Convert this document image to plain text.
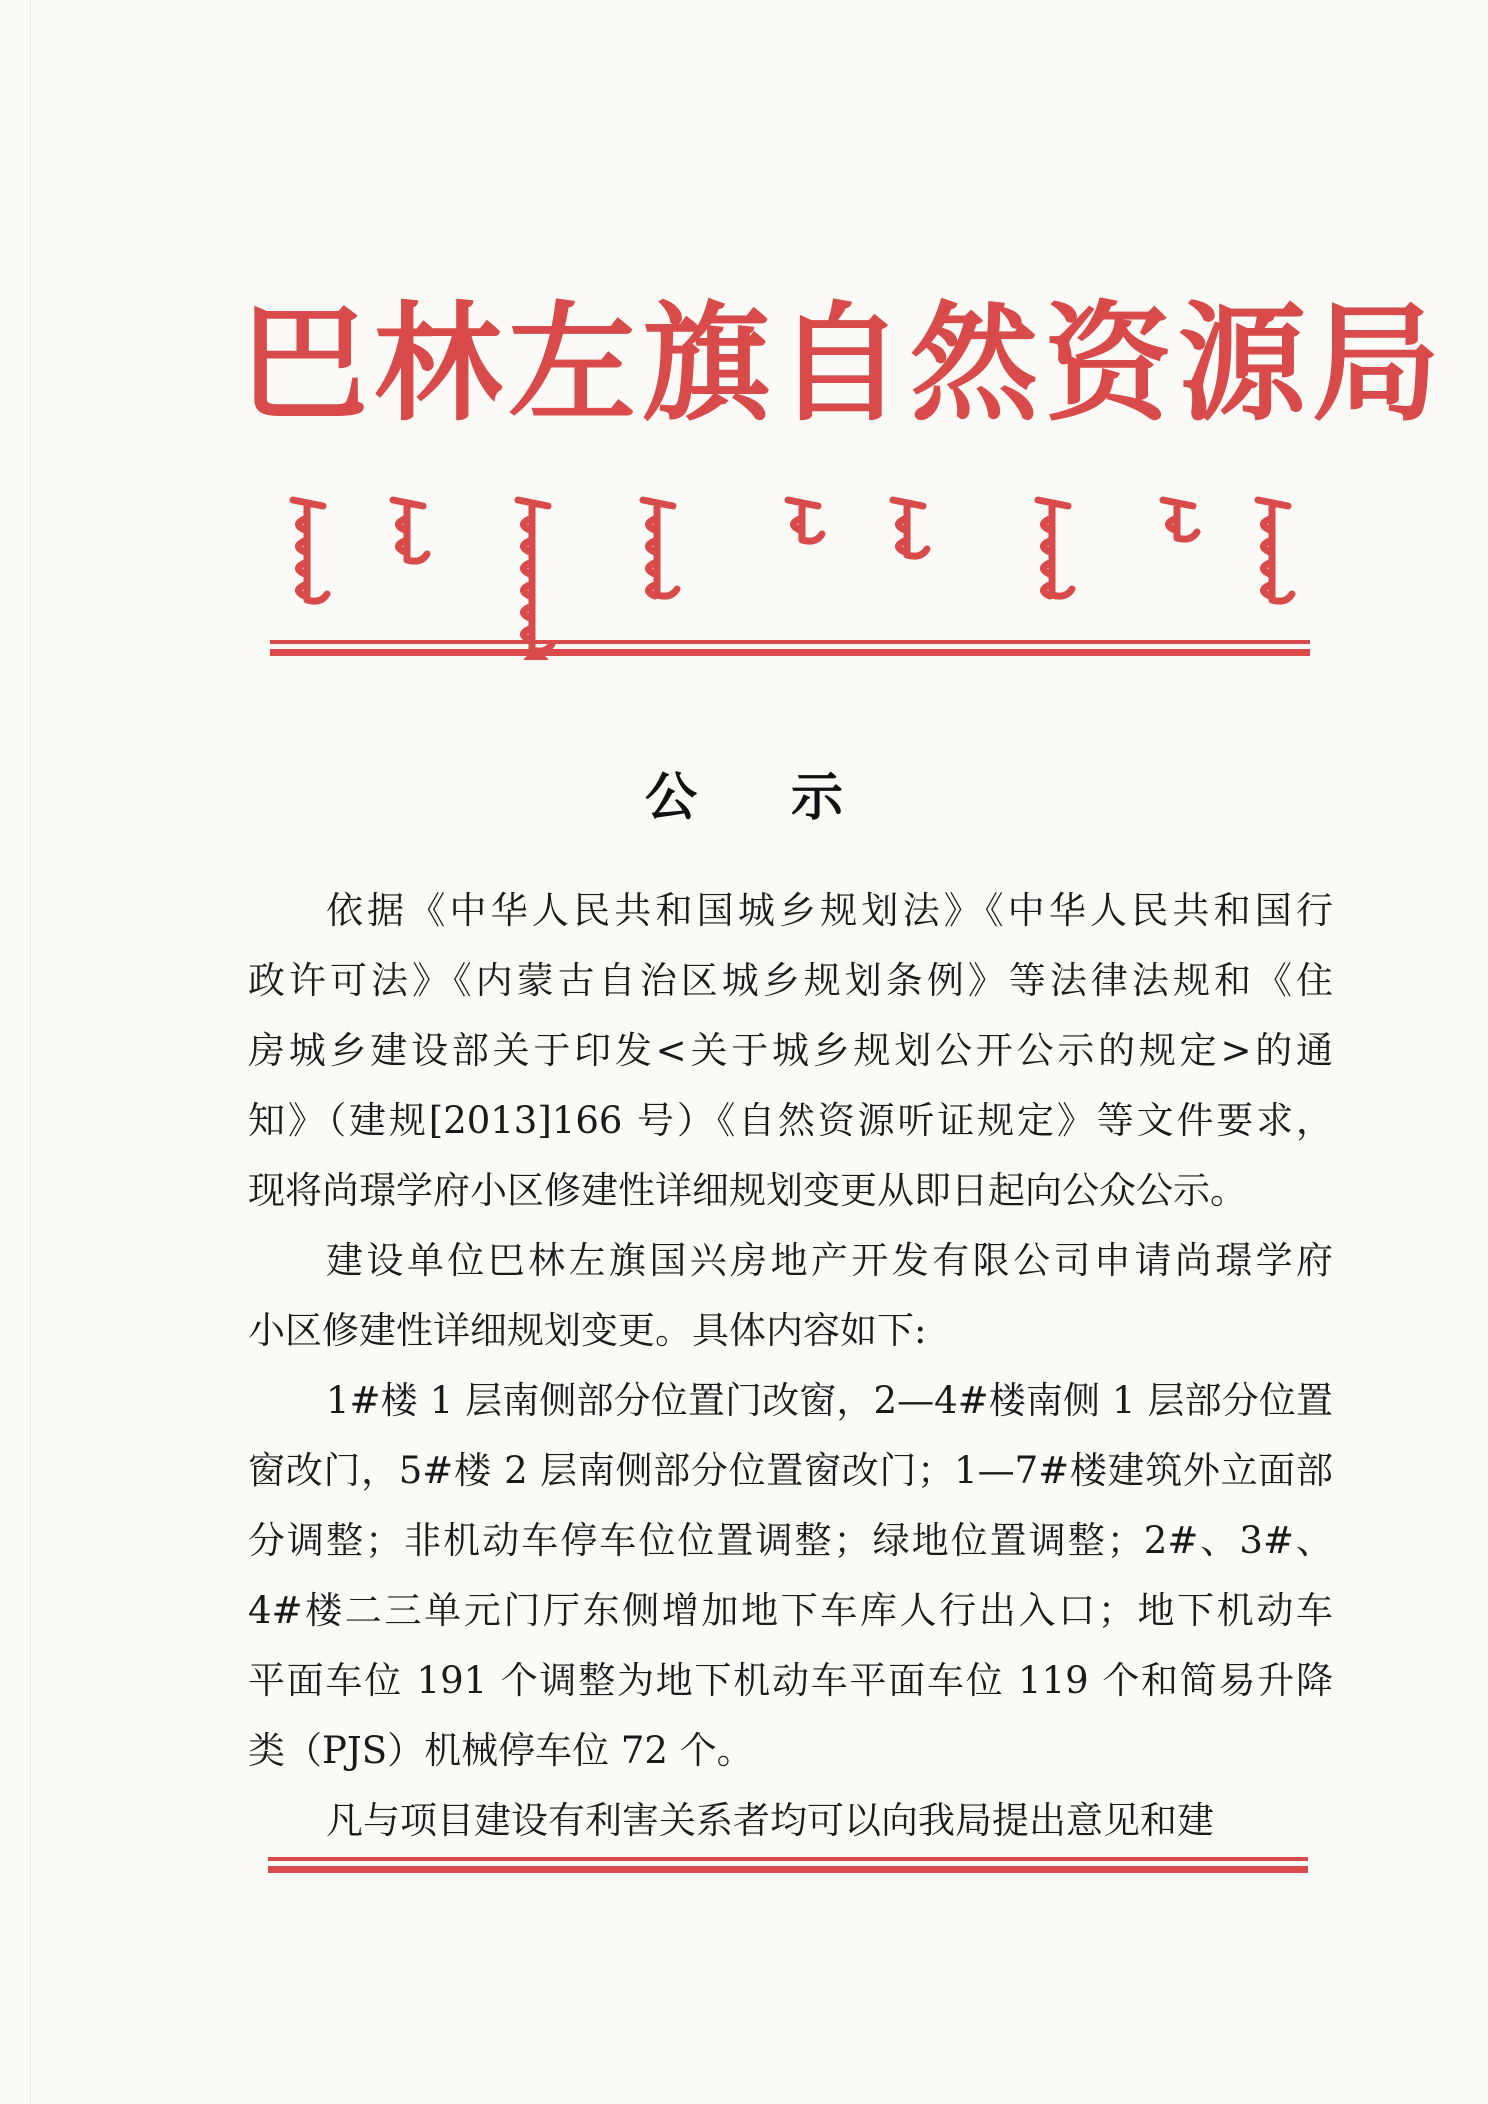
巴林左旗自然资源局
公 示
依据《中华人民共和国城乡规划法》《中华人民共和国行
政许可法》《内蒙古自治区城乡规划条例》等法律法规和《住
房城乡建设部关于印发<关于城乡规划公开公示的规定>的通
知》（建规[2013]166 号）《自然资源听证规定》等文件要求，
现将尚璟学府小区修建性详细规划变更从即日起向公众公示。
建设单位巴林左旗国兴房地产开发有限公司申请尚璟学府
小区修建性详细规划变更。具体内容如下:
1#楼 1 层南侧部分位置门改窗，2—4#楼南侧 1 层部分位置
窗改门，5#楼 2 层南侧部分位置窗改门；1—7#楼建筑外立面部
分调整；非机动车停车位位置调整；绿地位置调整；2#、3#、
4#楼二三单元门厅东侧增加地下车库人行出入口；地下机动车
平面车位 191 个调整为地下机动车平面车位 119 个和简易升降
类（PJS）机械停车位 72 个。
凡与项目建设有利害关系者均可以向我局提出意见和建
